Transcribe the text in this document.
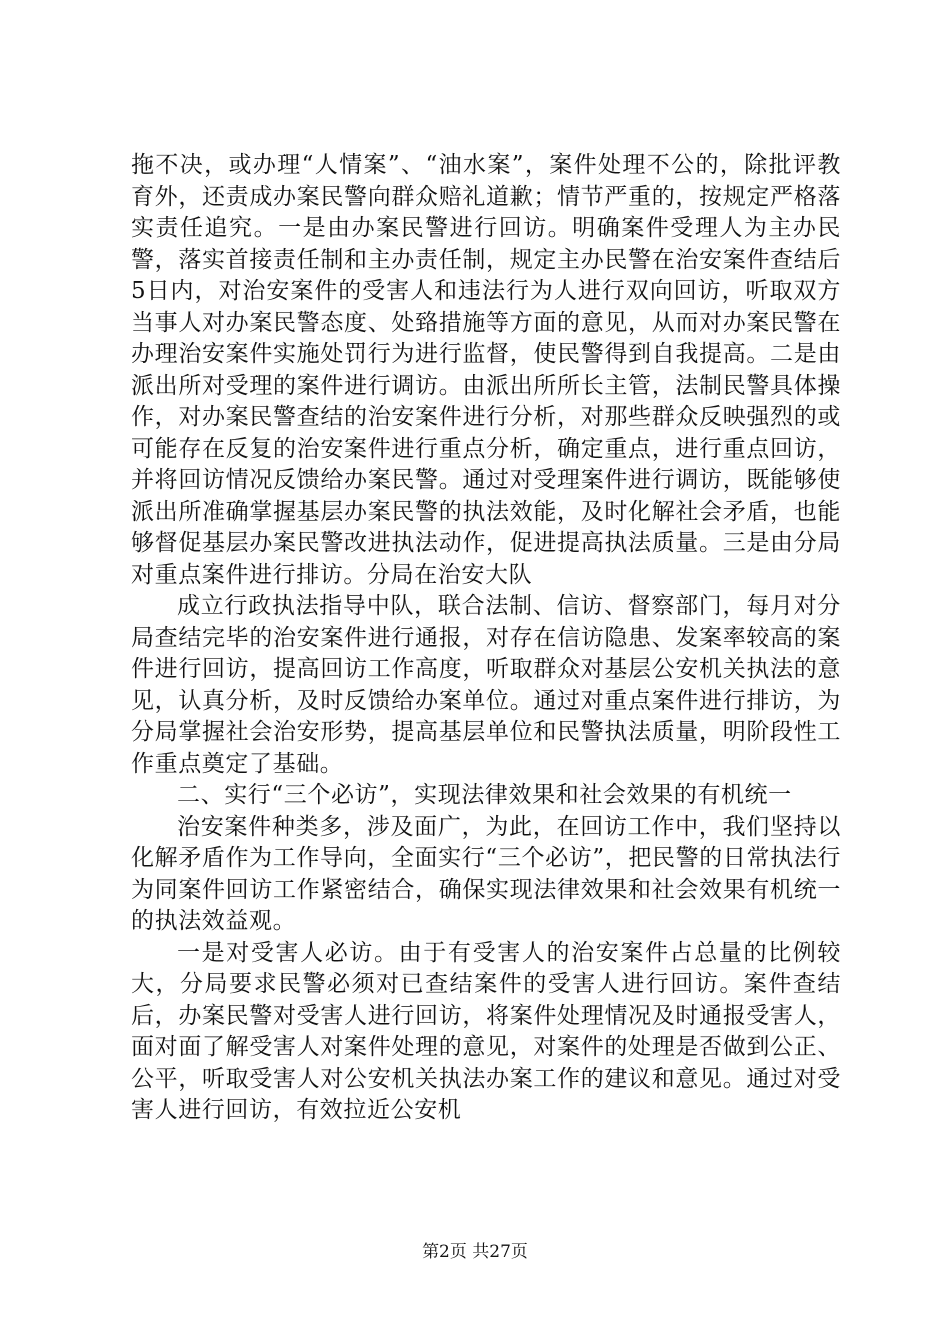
拖不决，或办理“人情案”、“油水案”，案件处理不公的，除批评教育外，还责成办案民警向群众赔礼道歉；情节严重的，按规定严格落实责任追究。一是由办案民警进行回访。明确案件受理人为主办民警，落实首接责任制和主办责任制，规定主办民警在治安案件查结后5日内，对治安案件的受害人和违法行为人进行双向回访，听取双方当事人对办案民警态度、处臵措施等方面的意见，从而对办案民警在办理治安案件实施处罚行为进行监督，使民警得到自我提高。二是由派出所对受理的案件进行调访。由派出所所长主管，法制民警具体操作，对办案民警查结的治安案件进行分析，对那些群众反映强烈的或可能存在反复的治安案件进行重点分析，确定重点，进行重点回访，并将回访情况反馈给办案民警。通过对受理案件进行调访，既能够使派出所准确掌握基层办案民警的执法效能，及时化解社会矛盾，也能够督促基层办案民警改进执法动作，促进提高执法质量。三是由分局对重点案件进行排访。分局在治安大队

成立行政执法指导中队，联合法制、信访、督察部门，每月对分局查结完毕的治安案件进行通报，对存在信访隐患、发案率较高的案件进行回访，提高回访工作高度，听取群众对基层公安机关执法的意见，认真分析，及时反馈给办案单位。通过对重点案件进行排访，为分局掌握社会治安形势，提高基层单位和民警执法质量，明阶段性工作重点奠定了基础。

二、实行“三个必访”，实现法律效果和社会效果的有机统一

治安案件种类多，涉及面广，为此，在回访工作中，我们坚持以化解矛盾作为工作导向，全面实行“三个必访”，把民警的日常执法行为同案件回访工作紧密结合，确保实现法律效果和社会效果有机统一的执法效益观。

一是对受害人必访。由于有受害人的治安案件占总量的比例较大，分局要求民警必须对已查结案件的受害人进行回访。案件查结后，办案民警对受害人进行回访，将案件处理情况及时通报受害人，面对面了解受害人对案件处理的意见，对案件的处理是否做到公正、公平，听取受害人对公安机关执法办案工作的建议和意见。通过对受害人进行回访，有效拉近公安机

第2页 共27页
